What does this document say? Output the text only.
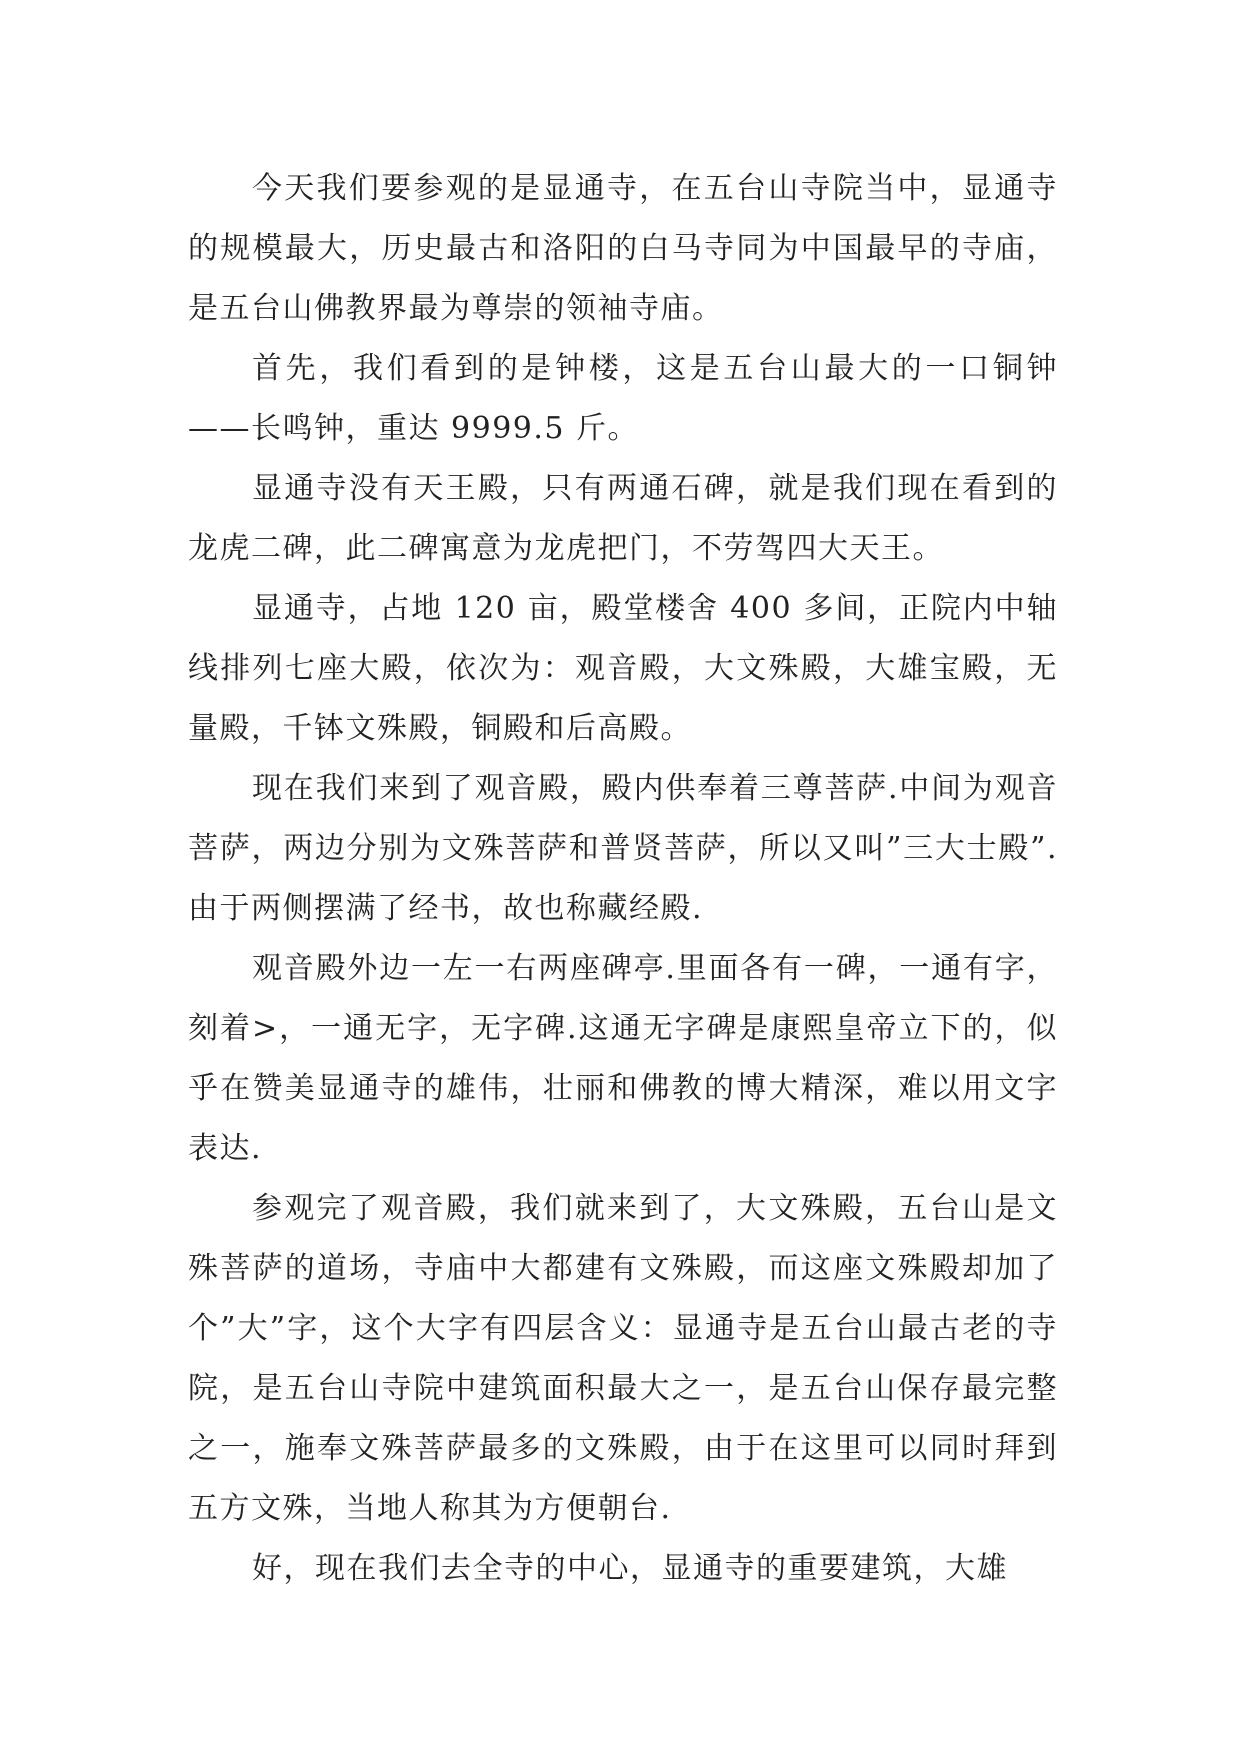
今天我们要参观的是显通寺，在五台山寺院当中，显通寺的规模最大，历史最古和洛阳的白马寺同为中国最早的寺庙，是五台山佛教界最为尊崇的领袖寺庙。

首先，我们看到的是钟楼，这是五台山最大的一口铜钟——长鸣钟，重达 9999.5 斤。

显通寺没有天王殿，只有两通石碑，就是我们现在看到的龙虎二碑，此二碑寓意为龙虎把门，不劳驾四大天王。

显通寺，占地 120 亩，殿堂楼舍 400 多间，正院内中轴线排列七座大殿，依次为：观音殿，大文殊殿，大雄宝殿，无量殿，千钵文殊殿，铜殿和后高殿。

现在我们来到了观音殿，殿内供奉着三尊菩萨.中间为观音菩萨，两边分别为文殊菩萨和普贤菩萨，所以又叫”三大士殿”.由于两侧摆满了经书，故也称藏经殿.

观音殿外边一左一右两座碑亭.里面各有一碑，一通有字，刻着>，一通无字，无字碑.这通无字碑是康熙皇帝立下的，似乎在赞美显通寺的雄伟，壮丽和佛教的博大精深，难以用文字表达.

参观完了观音殿，我们就来到了，大文殊殿，五台山是文殊菩萨的道场，寺庙中大都建有文殊殿，而这座文殊殿却加了个”大”字，这个大字有四层含义：显通寺是五台山最古老的寺院，是五台山寺院中建筑面积最大之一，是五台山保存最完整之一，施奉文殊菩萨最多的文殊殿，由于在这里可以同时拜到五方文殊，当地人称其为方便朝台.

好，现在我们去全寺的中心，显通寺的重要建筑，大雄
